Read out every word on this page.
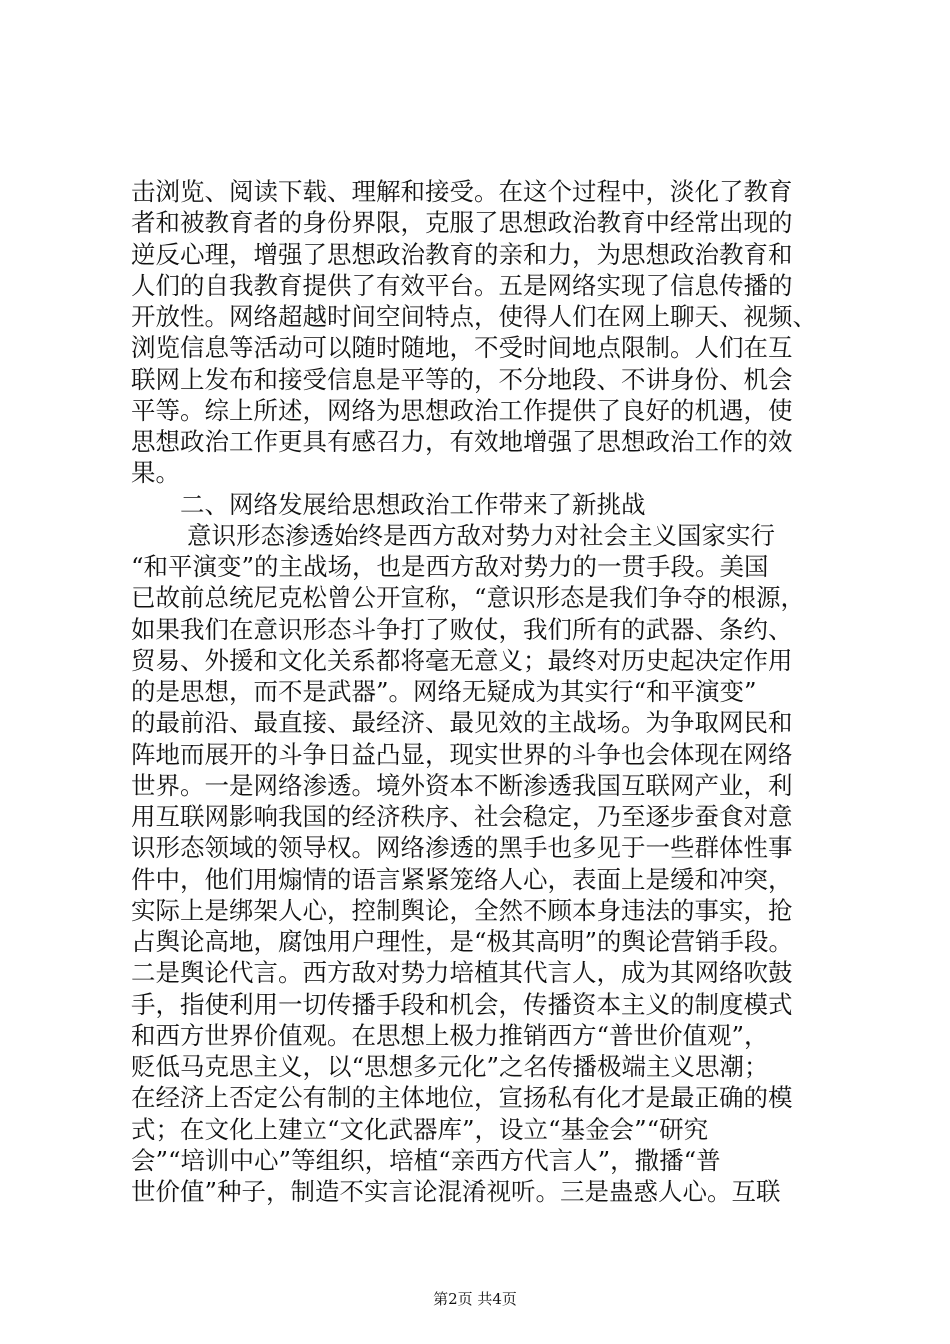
击浏览、阅读下载、理解和接受。在这个过程中，淡化了教育
者和被教育者的身份界限，克服了思想政治教育中经常出现的
逆反心理，增强了思想政治教育的亲和力，为思想政治教育和
人们的自我教育提供了有效平台。五是网络实现了信息传播的
开放性。网络超越时间空间特点，使得人们在网上聊天、视频、
浏览信息等活动可以随时随地，不受时间地点限制。人们在互
联网上发布和接受信息是平等的，不分地段、不讲身份、机会
平等。综上所述，网络为思想政治工作提供了良好的机遇，使
思想政治工作更具有感召力，有效地增强了思想政治工作的效
果。
二、网络发展给思想政治工作带来了新挑战
意识形态渗透始终是西方敌对势力对社会主义国家实行
“和平演变”的主战场，也是西方敌对势力的一贯手段。美国
已故前总统尼克松曾公开宣称，“意识形态是我们争夺的根源，
如果我们在意识形态斗争打了败仗，我们所有的武器、条约、
贸易、外援和文化关系都将毫无意义；最终对历史起决定作用
的是思想，而不是武器”。网络无疑成为其实行“和平演变”
的最前沿、最直接、最经济、最见效的主战场。为争取网民和
阵地而展开的斗争日益凸显，现实世界的斗争也会体现在网络
世界。一是网络渗透。境外资本不断渗透我国互联网产业，利
用互联网影响我国的经济秩序、社会稳定，乃至逐步蚕食对意
识形态领域的领导权。网络渗透的黑手也多见于一些群体性事
件中，他们用煽情的语言紧紧笼络人心，表面上是缓和冲突，
实际上是绑架人心，控制舆论，全然不顾本身违法的事实，抢
占舆论高地，腐蚀用户理性，是“极其高明”的舆论营销手段。
二是舆论代言。西方敌对势力培植其代言人，成为其网络吹鼓
手，指使利用一切传播手段和机会，传播资本主义的制度模式
和西方世界价值观。在思想上极力推销西方“普世价值观”，
贬低马克思主义，以“思想多元化”之名传播极端主义思潮；
在经济上否定公有制的主体地位，宣扬私有化才是最正确的模
式；在文化上建立“文化武器库”，设立“基金会”“研究
会”“培训中心”等组织，培植“亲西方代言人”，撒播“普
世价值”种子，制造不实言论混淆视听。三是蛊惑人心。互联
第2页 共4页
